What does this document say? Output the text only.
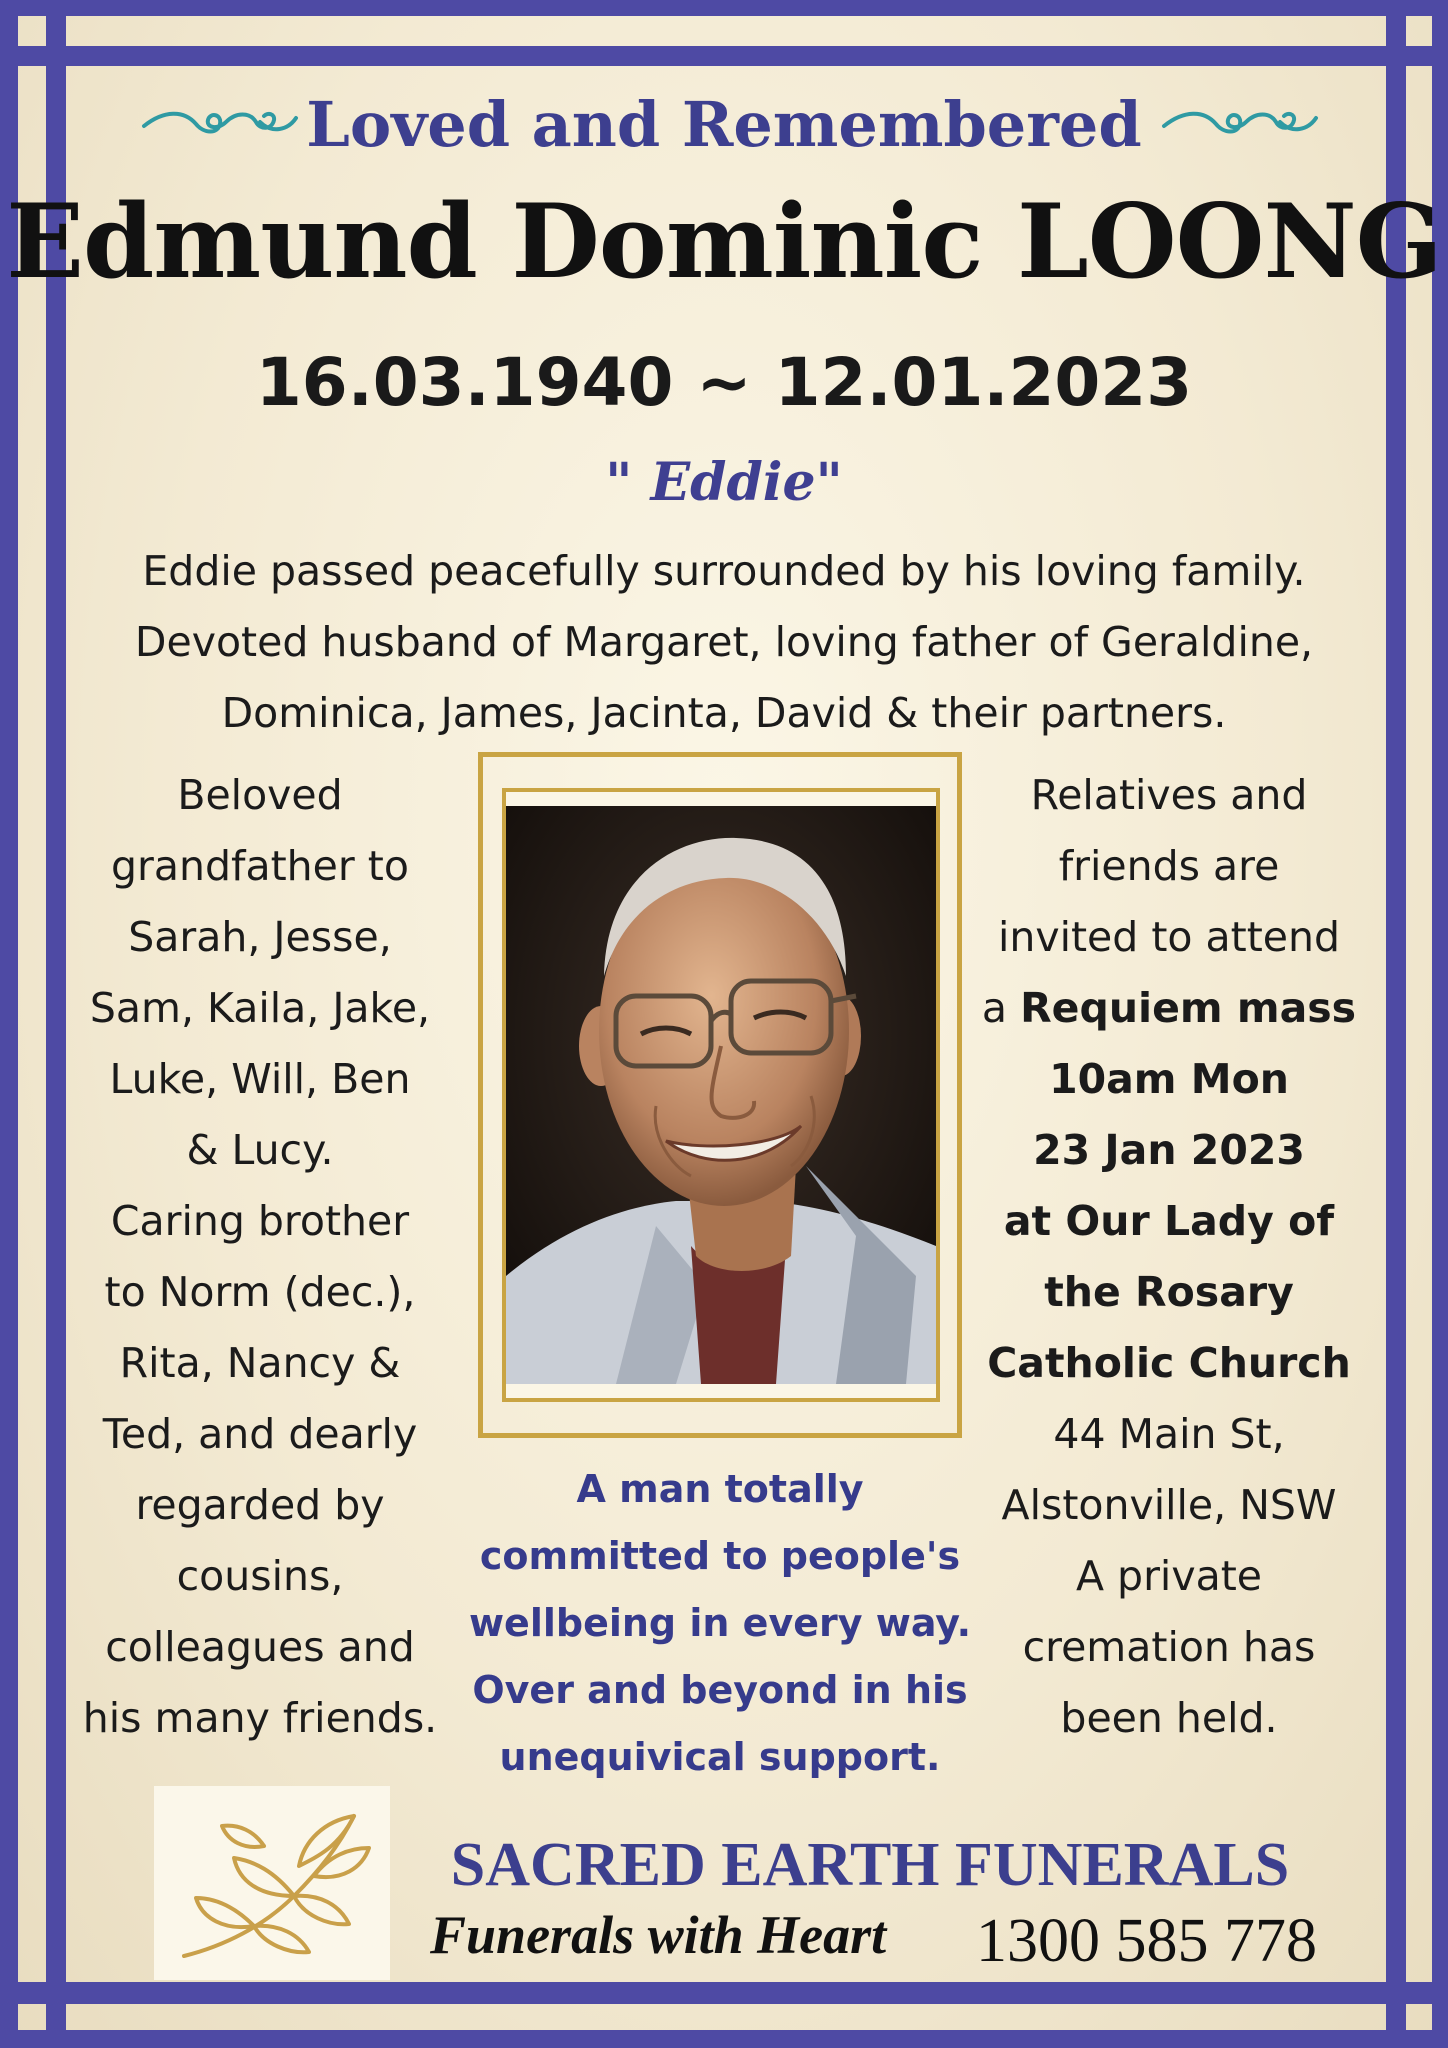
Loved and Remembered
Edmund Dominic LOONG
16.03.1940 ~ 12.01.2023
" Eddie"
Eddie passed peacefully surrounded by his loving family.
Devoted husband of Margaret, loving father of Geraldine,
Dominica, James, Jacinta, David & their partners.
Beloved
grandfather to
Sarah, Jesse,
Sam, Kaila, Jake,
Luke, Will, Ben
& Lucy.
Caring brother
to Norm (dec.),
Rita, Nancy &
Ted, and dearly
regarded by
cousins,
colleagues and
his many friends.
Relatives and
friends are
invited to attend
a Requiem mass
10am Mon
23 Jan 2023
at Our Lady of
the Rosary
Catholic Church
44 Main St,
Alstonville, NSW
A private
cremation has
been held.
A man totally
committed to people's
wellbeing in every way.
Over and beyond in his
unequivical support.
SACRED EARTH FUNERALS
Funerals with Heart 1300 585 778
